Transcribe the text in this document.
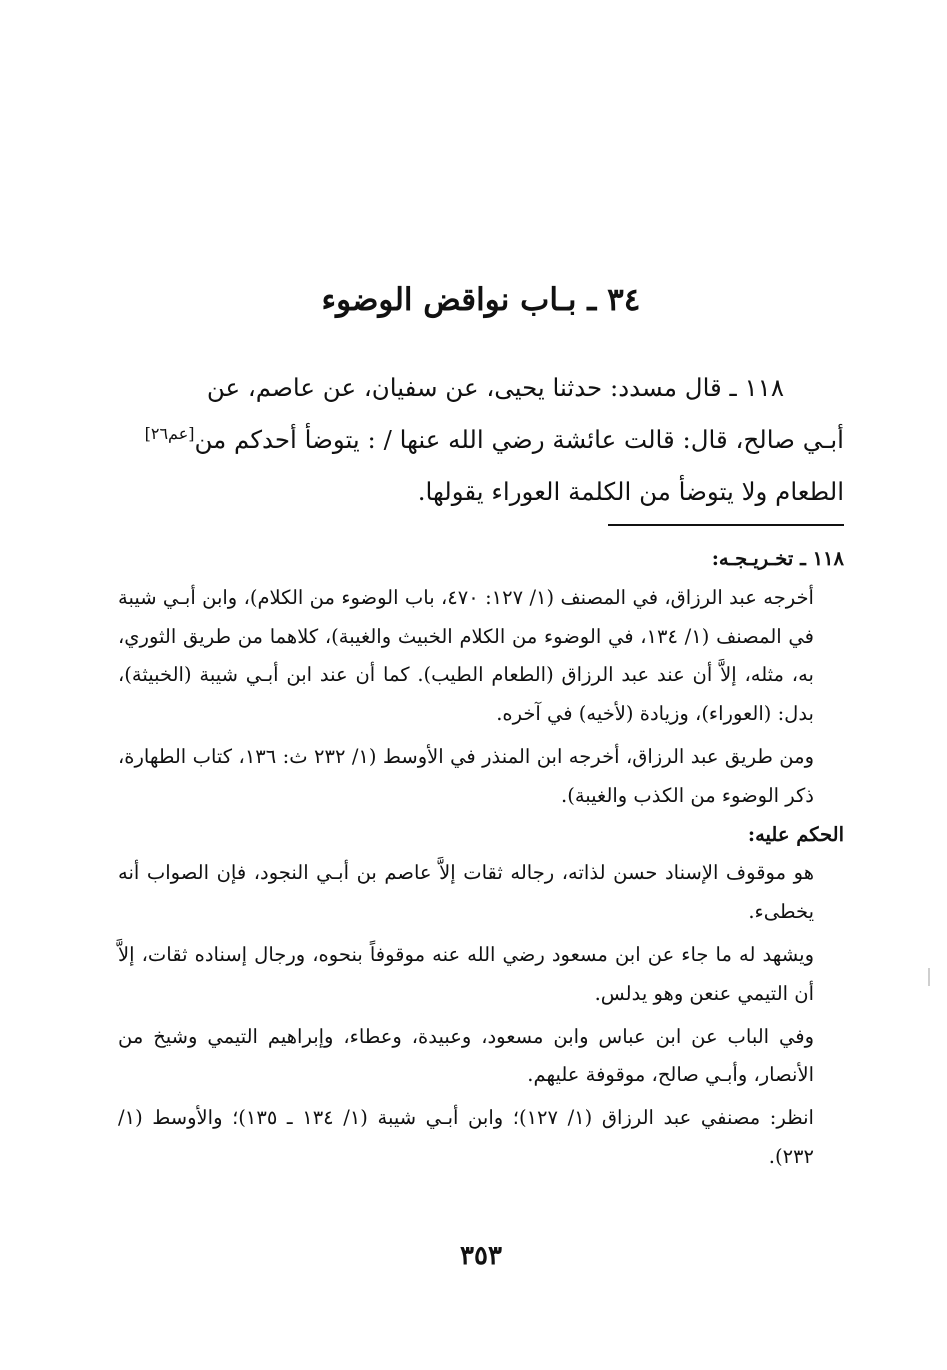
٣٤ ـ بـاب نواقض الوضوء

١١٨ ـ قال مسدد: حدثنا يحيى، عن سفيان، عن عاصم، عن

أبـي صالح، قال: قالت عائشة رضي الله عنها / : يتوضأ أحدكم من[عم٢٦]

الطعام ولا يتوضأ من الكلمة العوراء يقولها.

١١٨ ـ تخـريـجـه:

أخرجه عبد الرزاق، في المصنف (١/ ١٢٧: ٤٧٠، باب الوضوء من الكلام)، وابن أبـي شيبة في المصنف (١/ ١٣٤، في الوضوء من الكلام الخبيث والغيبة)، كلاهما من طريق الثوري، به، مثله، إلاَّ أن عند عبد الرزاق (الطعام الطيب). كما أن عند ابن أبـي شيبة (الخبيثة)، بدل: (العوراء)، وزيادة (لأخيه) في آخره.

ومن طريق عبد الرزاق، أخرجه ابن المنذر في الأوسط (١/ ٢٣٢ ث: ١٣٦، كتاب الطهارة، ذكر الوضوء من الكذب والغيبة).

الحكم عليه:

هو موقوف الإسناد حسن لذاته، رجاله ثقات إلاَّ عاصم بن أبـي النجود، فإن الصواب أنه يخطىء.

ويشهد له ما جاء عن ابن مسعود رضي الله عنه موقوفاً بنحوه، ورجال إسناده ثقات، إلاَّ أن التيمي عنعن وهو يدلس.

وفي الباب عن ابن عباس وابن مسعود، وعبيدة، وعطاء، وإبراهيم التيمي وشيخ من الأنصار، وأبـي صالح، موقوفة عليهم.

انظر: مصنفي عبد الرزاق (١/ ١٢٧)؛ وابن أبـي شيبة (١/ ١٣٤ ـ ١٣٥)؛ والأوسط (١/ ٢٣٢).

٣٥٣
